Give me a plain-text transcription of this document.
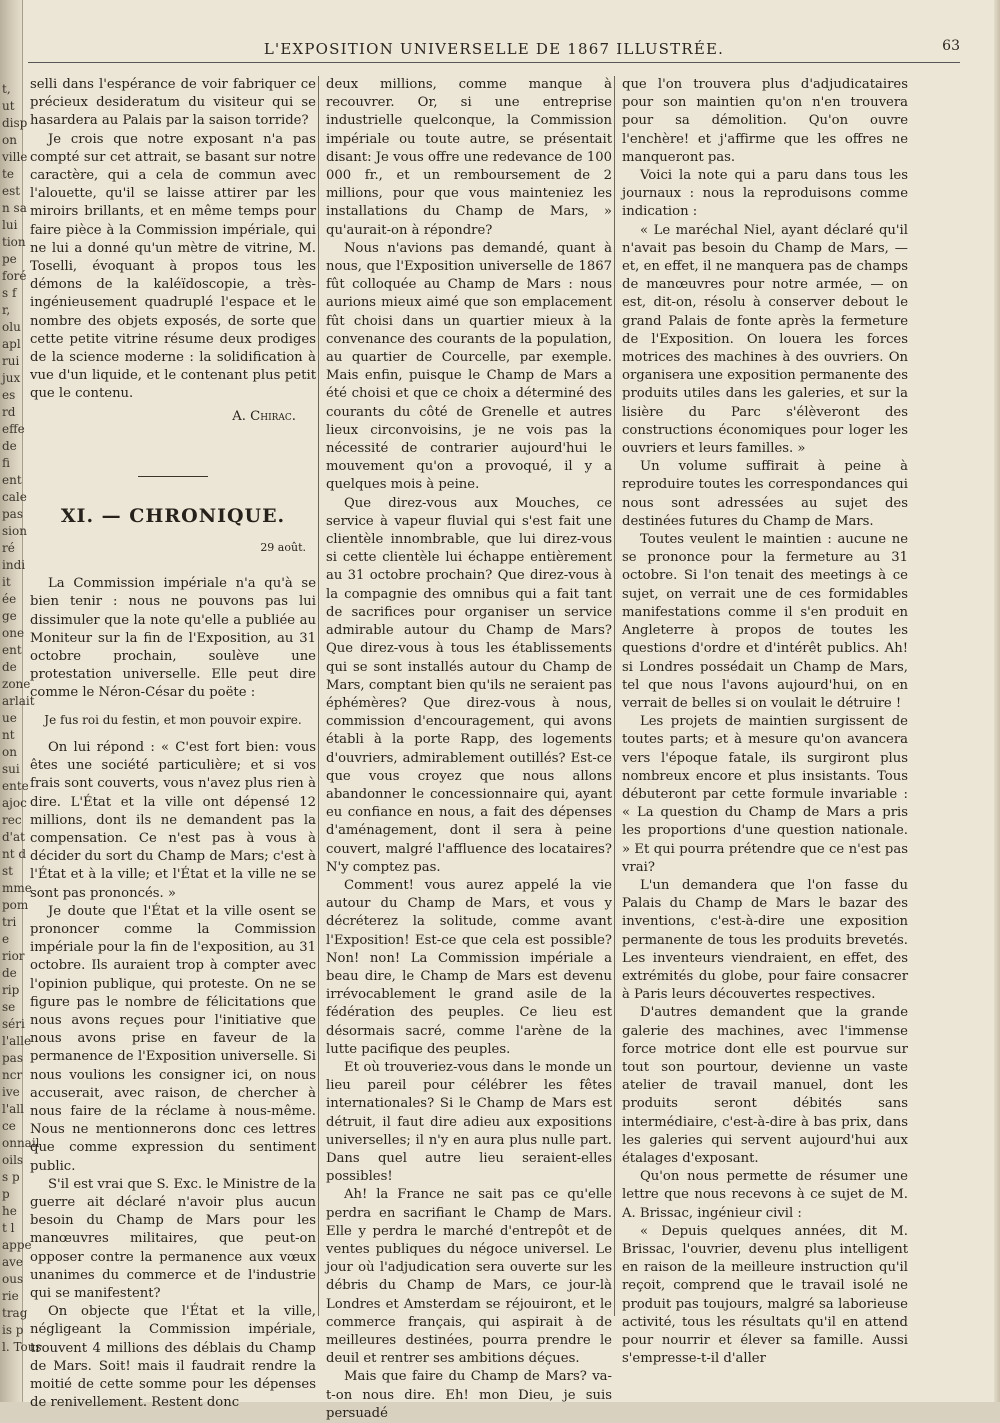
t,
ut
disp
on
ville
te
est
n sa
lui
tion
pe
foré
s f
r,
olu
apl
rui
jux
es
rd
effe
de
fi
ent
cale
pas
sion
ré
indi
it
ée
ge
one
ent
de
zone
arlait
ue
nt
on
sui
ente
ajoc
rec
d'at
nt d
st
mme
pom
tri
e
rior
de
rip
se
séri
l'alle
pas
ncr
ive
l'all
ce
onnail
oils
s p
p
he
t l
appe
ave
ous
rie
trag
is p
l. Tous
L'EXPOSITION UNIVERSELLE DE 1867 ILLUSTRÉE.	63

selli dans l'espérance de voir fabriquer ce précieux desideratum du visiteur qui se hasardera au Palais par la saison torride?

Je crois que notre exposant n'a pas compté sur cet attrait, se basant sur notre caractère, qui a cela de commun avec l'alouette, qu'il se laisse attirer par les miroirs brillants, et en même temps pour faire pièce à la Commission impériale, qui ne lui a donné qu'un mètre de vitrine, M. Toselli, évoquant à propos tous les démons de la kaléïdoscopie, a très-ingénieusement quadruplé l'espace et le nombre des objets exposés, de sorte que cette petite vitrine résume deux prodiges de la science moderne : la solidification à vue d'un liquide, et le contenant plus petit que le contenu.

A. Chirac.
XI. — CHRONIQUE.
29 août.

La Commission impériale n'a qu'à se bien tenir : nous ne pouvons pas lui dissimuler que la note qu'elle a publiée au Moniteur sur la fin de l'Exposition, au 31 octobre prochain, soulève une protestation universelle. Elle peut dire comme le Néron-César du poëte :

Je fus roi du festin, et mon pouvoir expire.

On lui répond : « C'est fort bien: vous êtes une société particulière; et si vos frais sont couverts, vous n'avez plus rien à dire. L'État et la ville ont dépensé 12 millions, dont ils ne demandent pas la compensation. Ce n'est pas à vous à décider du sort du Champ de Mars; c'est à l'État et à la ville; et l'État et la ville ne se sont pas prononcés. »

Je doute que l'État et la ville osent se prononcer comme la Commission impériale pour la fin de l'exposition, au 31 octobre. Ils auraient trop à compter avec l'opinion publique, qui proteste. On ne se figure pas le nombre de félicitations que nous avons reçues pour l'initiative que nous avons prise en faveur de la permanence de l'Exposition universelle. Si nous voulions les consigner ici, on nous accuserait, avec raison, de chercher à nous faire de la réclame à nous-même. Nous ne mentionnerons donc ces lettres que comme expression du sentiment public.

S'il est vrai que S. Exc. le Ministre de la guerre ait déclaré n'avoir plus aucun besoin du Champ de Mars pour les manœuvres militaires, que peut-on opposer contre la permanence aux vœux unanimes du commerce et de l'industrie qui se manifestent?

On objecte que l'État et la ville, négligeant la Commission impériale, trouvent 4 millions des déblais du Champ de Mars. Soit! mais il faudrait rendre la moitié de cette somme pour les dépenses de renivellement. Restent donc

deux millions, comme manque à recouvrer. Or, si une entreprise industrielle quelconque, la Commission impériale ou toute autre, se présentait disant: Je vous offre une redevance de 100 000 fr., et un remboursement de 2 millions, pour que vous mainteniez les installations du Champ de Mars, » qu'aurait-on à répondre?

Nous n'avions pas demandé, quant à nous, que l'Exposition universelle de 1867 fût colloquée au Champ de Mars : nous aurions mieux aimé que son emplacement fût choisi dans un quartier mieux à la convenance des courants de la population, au quartier de Courcelle, par exemple. Mais enfin, puisque le Champ de Mars a été choisi et que ce choix a déterminé des courants du côté de Grenelle et autres lieux circonvoisins, je ne vois pas la nécessité de contrarier aujourd'hui le mouvement qu'on a provoqué, il y a quelques mois à peine.

Que direz-vous aux Mouches, ce service à vapeur fluvial qui s'est fait une clientèle innombrable, que lui direz-vous si cette clientèle lui échappe entièrement au 31 octobre prochain? Que direz-vous à la compagnie des omnibus qui a fait tant de sacrifices pour organiser un service admirable autour du Champ de Mars? Que direz-vous à tous les établissements qui se sont installés autour du Champ de Mars, comptant bien qu'ils ne seraient pas éphémères? Que direz-vous à nous, commission d'encouragement, qui avons établi à la porte Rapp, des logements d'ouvriers, admirablement outillés? Est-ce que vous croyez que nous allons abandonner le concessionnaire qui, ayant eu confiance en nous, a fait des dépenses d'aménagement, dont il sera à peine couvert, malgré l'affluence des locataires? N'y comptez pas.

Comment! vous aurez appelé la vie autour du Champ de Mars, et vous y décréterez la solitude, comme avant l'Exposition! Est-ce que cela est possible? Non! non! La Commission impériale a beau dire, le Champ de Mars est devenu irrévocablement le grand asile de la fédération des peuples. Ce lieu est désormais sacré, comme l'arène de la lutte pacifique des peuples.

Et où trouveriez-vous dans le monde un lieu pareil pour célébrer les fêtes internationales? Si le Champ de Mars est détruit, il faut dire adieu aux expositions universelles; il n'y en aura plus nulle part. Dans quel autre lieu seraient-elles possibles!

Ah! la France ne sait pas ce qu'elle perdra en sacrifiant le Champ de Mars. Elle y perdra le marché d'entrepôt et de ventes publiques du négoce universel. Le jour où l'adjudication sera ouverte sur les débris du Champ de Mars, ce jour-là Londres et Amsterdam se réjouiront, et le commerce français, qui aspirait à de meilleures destinées, pourra prendre le deuil et rentrer ses ambitions déçues.

Mais que faire du Champ de Mars? va-t-on nous dire. Eh! mon Dieu, je suis persuadé

que l'on trouvera plus d'adjudicataires pour son maintien qu'on n'en trouvera pour sa démolition. Qu'on ouvre l'enchère! et j'affirme que les offres ne manqueront pas.

Voici la note qui a paru dans tous les journaux : nous la reproduisons comme indication :

« Le maréchal Niel, ayant déclaré qu'il n'avait pas besoin du Champ de Mars, — et, en effet, il ne manquera pas de champs de manœuvres pour notre armée, — on est, dit-on, résolu à conserver debout le grand Palais de fonte après la fermeture de l'Exposition. On louera les forces motrices des machines à des ouvriers. On organisera une exposition permanente des produits utiles dans les galeries, et sur la lisière du Parc s'élèveront des constructions économiques pour loger les ouvriers et leurs familles. »

Un volume suffirait à peine à reproduire toutes les correspondances qui nous sont adressées au sujet des destinées futures du Champ de Mars.

Toutes veulent le maintien : aucune ne se prononce pour la fermeture au 31 octobre. Si l'on tenait des meetings à ce sujet, on verrait une de ces formidables manifestations comme il s'en produit en Angleterre à propos de toutes les questions d'ordre et d'intérêt publics. Ah! si Londres possédait un Champ de Mars, tel que nous l'avons aujourd'hui, on en verrait de belles si on voulait le détruire !

Les projets de maintien surgissent de toutes parts; et à mesure qu'on avancera vers l'époque fatale, ils surgiront plus nombreux encore et plus insistants. Tous débuteront par cette formule invariable : « La question du Champ de Mars a pris les proportions d'une question nationale. » Et qui pourra prétendre que ce n'est pas vrai?

L'un demandera que l'on fasse du Palais du Champ de Mars le bazar des inventions, c'est-à-dire une exposition permanente de tous les produits brevetés. Les inventeurs viendraient, en effet, des extrémités du globe, pour faire consacrer à Paris leurs découvertes respectives.

D'autres demandent que la grande galerie des machines, avec l'immense force motrice dont elle est pourvue sur tout son pourtour, devienne un vaste atelier de travail manuel, dont les produits seront débités sans intermédiaire, c'est-à-dire à bas prix, dans les galeries qui servent aujourd'hui aux étalages d'exposant.

Qu'on nous permette de résumer une lettre que nous recevons à ce sujet de M. A. Brissac, ingénieur civil :

« Depuis quelques années, dit M. Brissac, l'ouvrier, devenu plus intelligent en raison de la meilleure instruction qu'il reçoit, comprend que le travail isolé ne produit pas toujours, malgré sa laborieuse activité, tous les résultats qu'il en attend pour nourrir et élever sa famille. Aussi s'empresse-t-il d'aller
